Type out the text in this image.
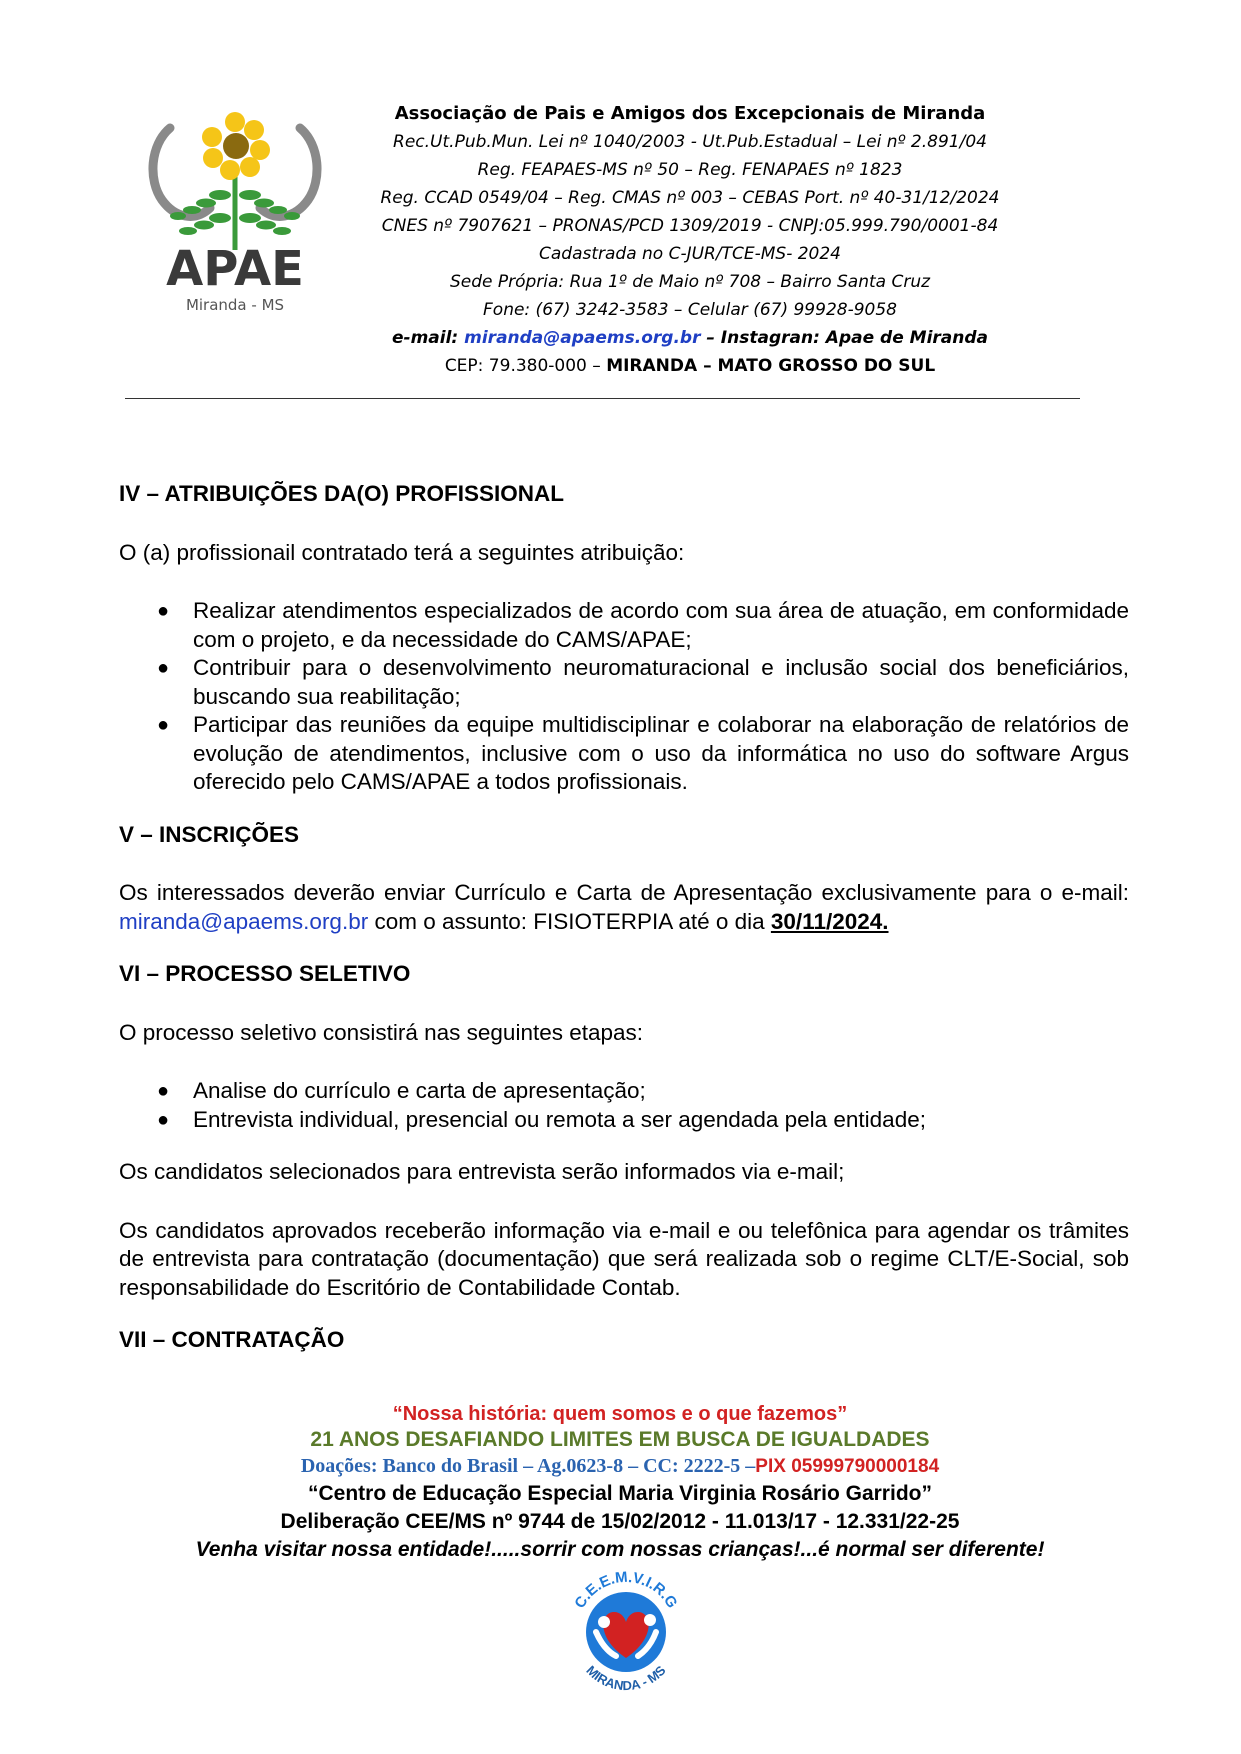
APAE
Miranda - MS
Associação de Pais e Amigos dos Excepcionais de Miranda
Rec.Ut.Pub.Mun. Lei nº 1040/2003 - Ut.Pub.Estadual – Lei nº 2.891/04
Reg. FEAPAES-MS nº 50 – Reg. FENAPAES nº 1823
Reg. CCAD 0549/04 – Reg. CMAS nº 003 – CEBAS Port. nº 40-31/12/2024
CNES nº 7907621 – PRONAS/PCD 1309/2019 - CNPJ:05.999.790/0001-84
Cadastrada no C-JUR/TCE-MS- 2024
Sede Própria: Rua 1º de Maio nº 708 – Bairro Santa Cruz
Fone: (67) 3242-3583 – Celular (67) 99928-9058
e-mail: miranda@apaems.org.br – Instagran: Apae de Miranda
CEP: 79.380-000 – MIRANDA – MATO GROSSO DO SUL

IV – ATRIBUIÇÕES DA(O) PROFISSIONAL

O (a) profissionail contratado terá a seguintes atribuição:

● Realizar atendimentos especializados de acordo com sua área de atuação, em conformidade com o projeto, e da necessidade do CAMS/APAE;
● Contribuir para o desenvolvimento neuromaturacional e inclusão social dos beneficiários, buscando sua reabilitação;
● Participar das reuniões da equipe multidisciplinar e colaborar na elaboração de relatórios de evolução de atendimentos, inclusive com o uso da informática no uso do software Argus oferecido pelo CAMS/APAE a todos profissionais.

V – INSCRIÇÕES

Os interessados deverão enviar Currículo e Carta de Apresentação exclusivamente para o e-mail: miranda@apaems.org.br com o assunto: FISIOTERPIA até o dia 30/11/2024.

VI – PROCESSO SELETIVO

O processo seletivo consistirá nas seguintes etapas:

● Analise do currículo e carta de apresentação;
● Entrevista individual, presencial ou remota a ser agendada pela entidade;

Os candidatos selecionados para entrevista serão informados via e-mail;

Os candidatos aprovados receberão informação via e-mail e ou telefônica para agendar os trâmites de entrevista para contratação (documentação) que será realizada sob o regime CLT/E-Social, sob responsabilidade do Escritório de Contabilidade Contab.

VII – CONTRATAÇÃO

“Nossa história: quem somos e o que fazemos”
21 ANOS DESAFIANDO LIMITES EM BUSCA DE IGUALDADES
Doações: Banco do Brasil – Ag.0623-8 – CC: 2222-5 –PIX 05999790000184
“Centro de Educação Especial Maria Virginia Rosário Garrido”
Deliberação CEE/MS nº 9744 de 15/02/2012 - 11.013/17 - 12.331/22-25
Venha visitar nossa entidade!.....sorrir com nossas crianças!...é normal ser diferente!
C.E.E.M.V.I.R.G
MIRANDA - MS
